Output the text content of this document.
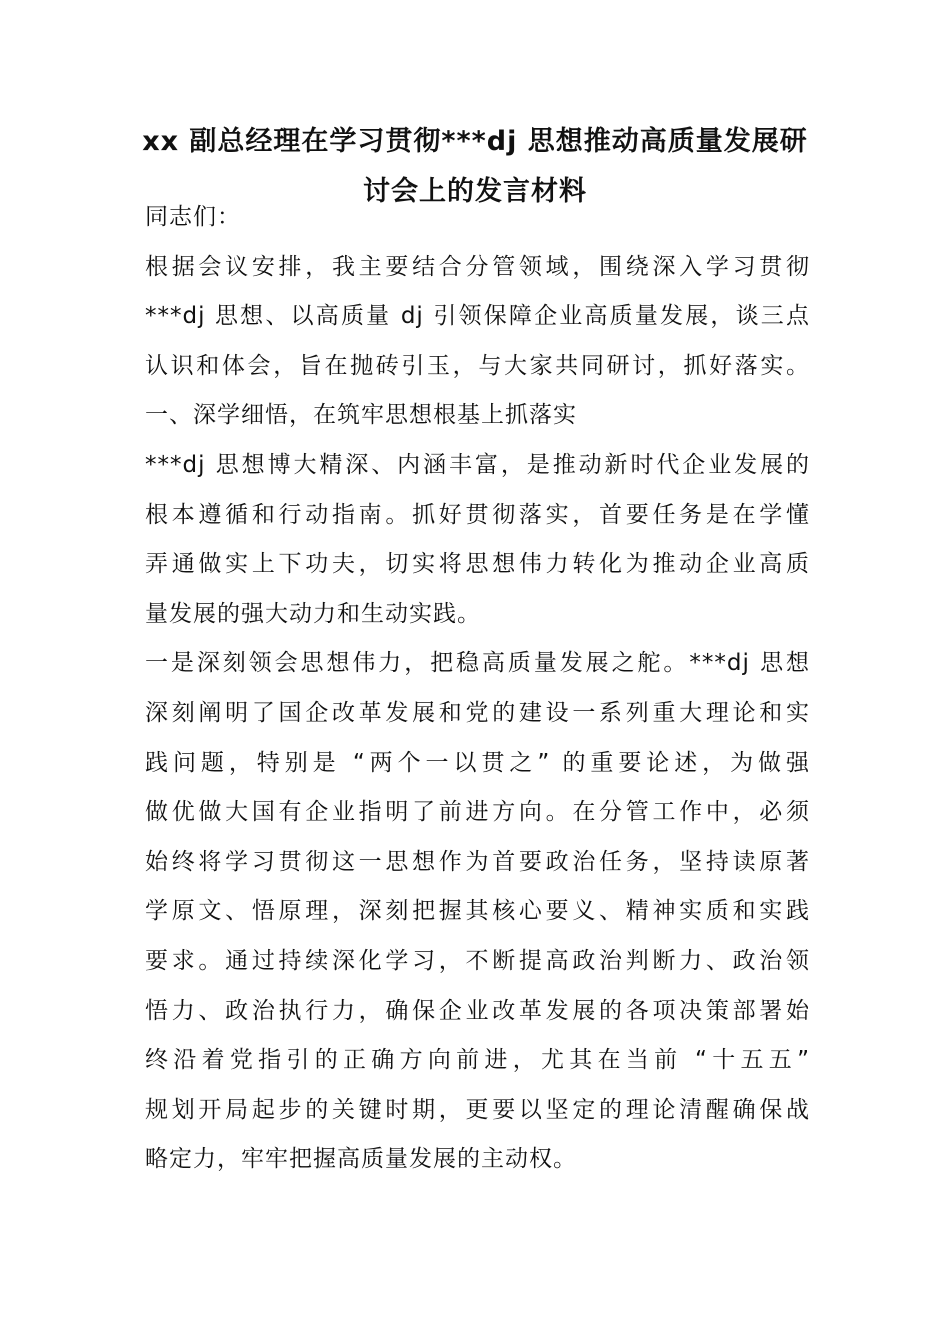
xx 副总经理在学习贯彻***dj 思想推动高质量发展研
讨会上的发言材料
同志们：
根据会议安排，我主要结合分管领域，围绕深入学习贯彻
***dj 思想、以高质量 dj 引领保障企业高质量发展，谈三点
认识和体会，旨在抛砖引玉，与大家共同研讨，抓好落实。
一、深学细悟，在筑牢思想根基上抓落实
***dj 思想博大精深、内涵丰富，是推动新时代企业发展的
根本遵循和行动指南。抓好贯彻落实，首要任务是在学懂
弄通做实上下功夫，切实将思想伟力转化为推动企业高质
量发展的强大动力和生动实践。
一是深刻领会思想伟力，把稳高质量发展之舵。***dj 思想
深刻阐明了国企改革发展和党的建设一系列重大理论和实
践问题，特别是 “两个一以贯之” 的重要论述，为做强
做优做大国有企业指明了前进方向。在分管工作中，必须
始终将学习贯彻这一思想作为首要政治任务，坚持读原著
学原文、悟原理，深刻把握其核心要义、精神实质和实践
要求。通过持续深化学习，不断提高政治判断力、政治领
悟力、政治执行力，确保企业改革发展的各项决策部署始
终沿着党指引的正确方向前进，尤其在当前 “十五五”
规划开局起步的关键时期，更要以坚定的理论清醒确保战
略定力，牢牢把握高质量发展的主动权。
